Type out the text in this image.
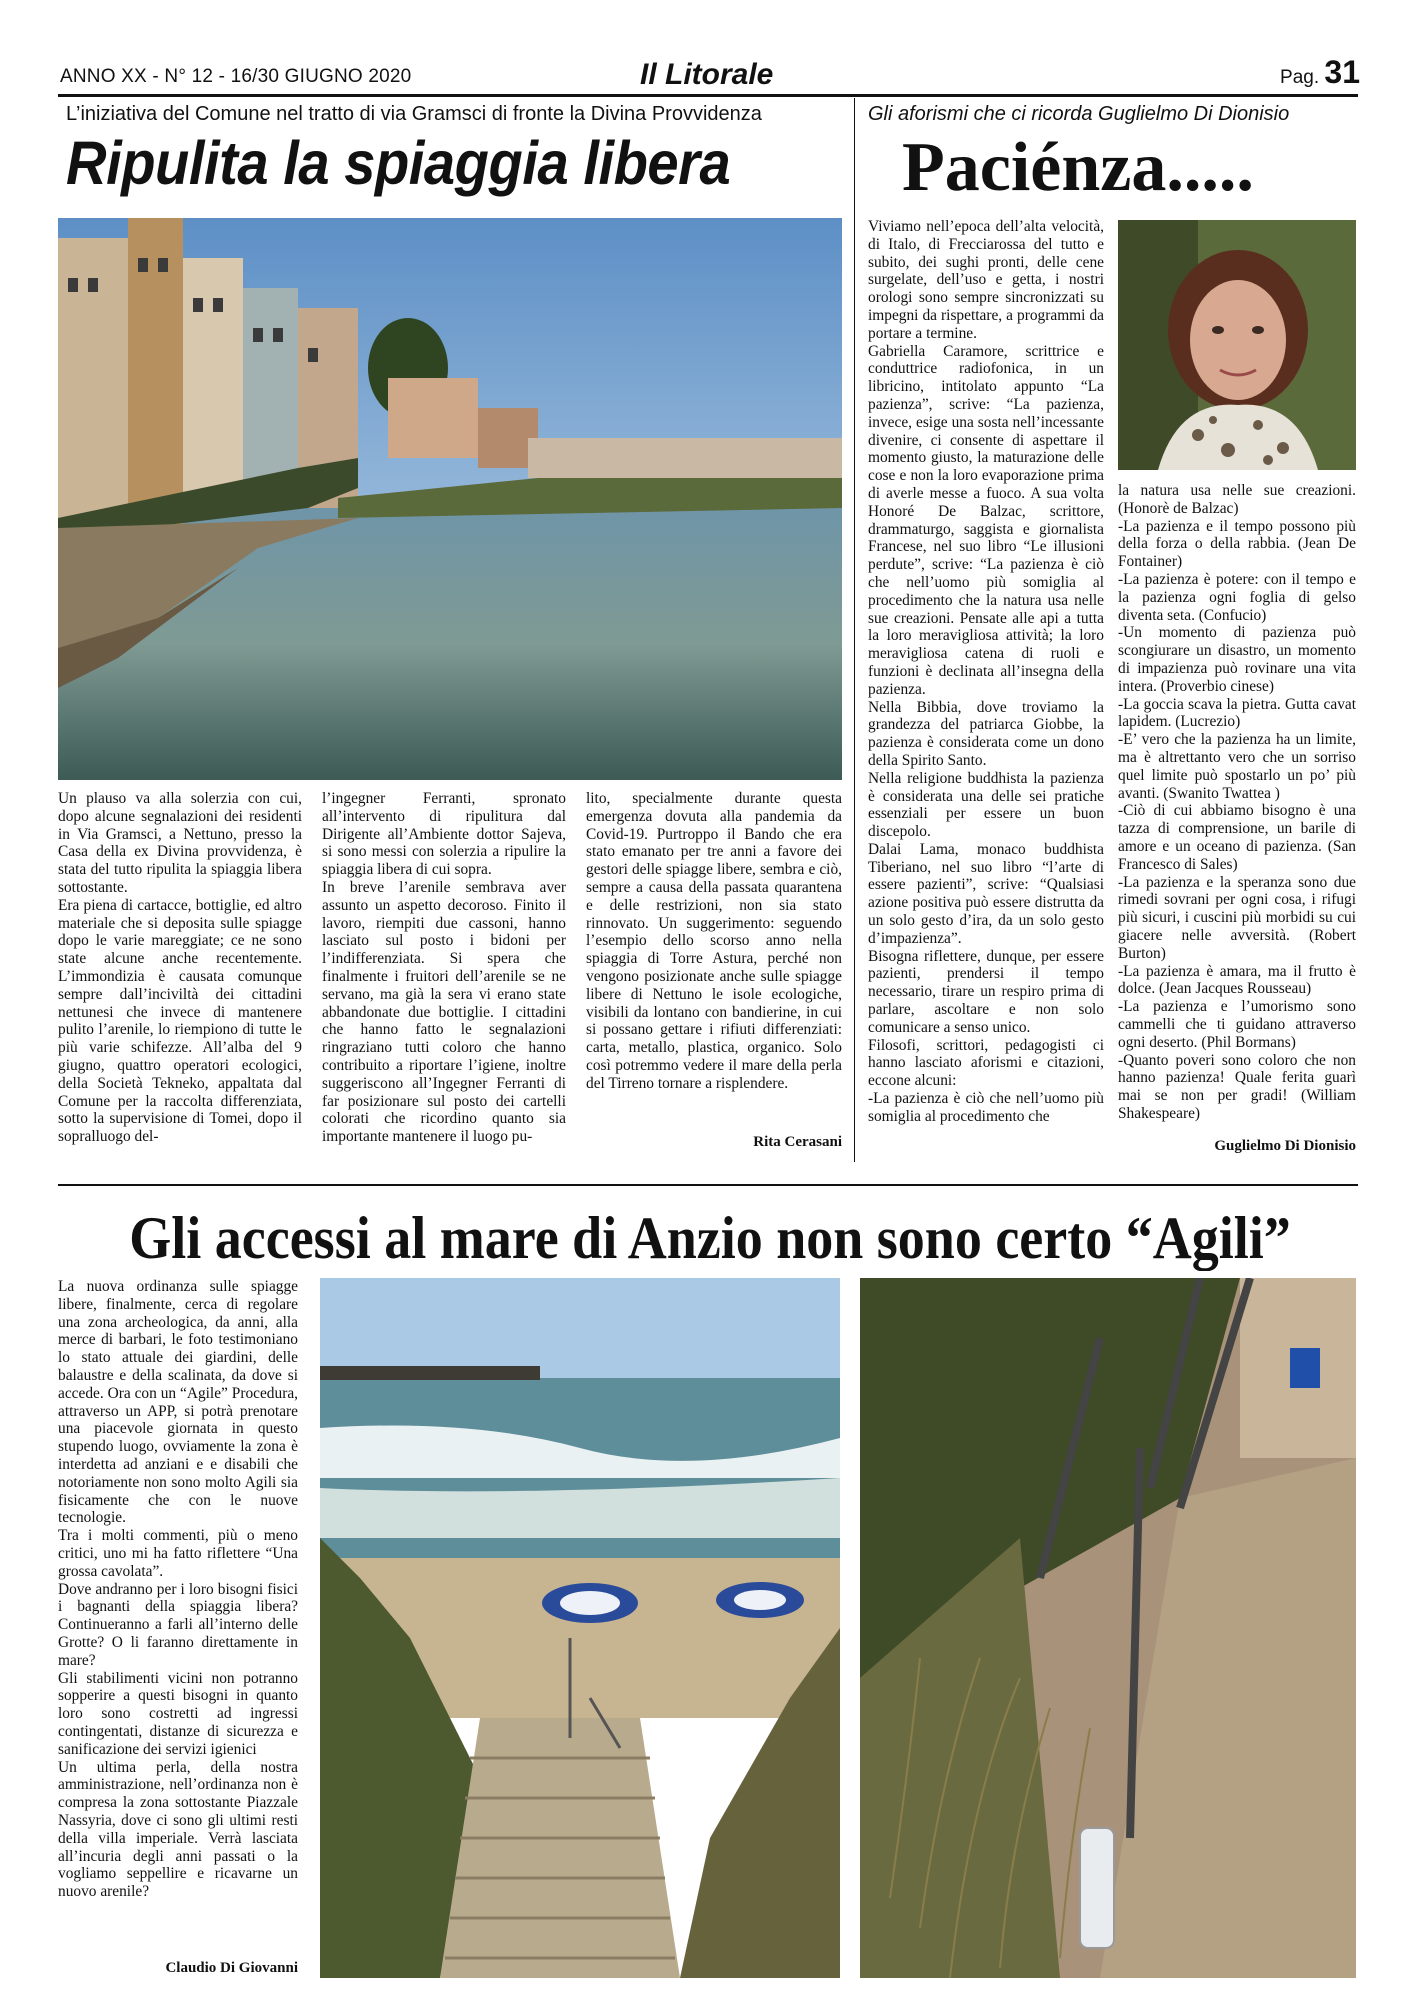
ANNO XX - N° 12 - 16/30 GIUGNO 2020	Il Litorale	Pag. 31
L’iniziativa del Comune nel tratto di via Gramsci di fronte la Divina Provvidenza
Ripulita la spiaggia libera

Un plauso va alla solerzia con cui, dopo alcune segnalazioni dei residenti in Via Gramsci, a Nettuno, presso la Casa della ex Divina provvidenza, è stata del tutto ripulita la spiaggia libera sottostante.

Era piena di cartacce, bottiglie, ed altro materiale che si deposita sulle spiagge dopo le varie mareggiate; ce ne sono state alcune anche recentemente. L’immondizia è causata comunque sempre dall’inciviltà dei cittadini nettunesi che invece di mantenere pulito l’arenile, lo riempiono di tutte le più varie schifezze. All’alba del 9 giugno, quattro operatori ecologici, della Società Tekneko, appaltata dal Comune per la raccolta differenziata, sotto la supervisione di Tomei, dopo il sopralluogo del-

l’ingegner Ferranti, spronato all’intervento di ripulitura dal Dirigente all’Ambiente dottor Sajeva, si sono messi con solerzia a ripulire la spiaggia libera di cui sopra.

In breve l’arenile sembrava aver assunto un aspetto decoroso. Finito il lavoro, riempiti due cassoni, hanno lasciato sul posto i bidoni per l’indifferenziata. Si spera che finalmente i fruitori dell’arenile se ne servano, ma già la sera vi erano state abbandonate due bottiglie. I cittadini che hanno fatto le segnalazioni ringraziano tutti coloro che hanno contribuito a riportare l’igiene, inoltre suggeriscono all’Ingegner Ferranti di far posizionare sul posto dei cartelli colorati che ricordino quanto sia importante mantenere il luogo pu-

lito, specialmente durante questa emergenza dovuta alla pandemia da Covid-19. Purtroppo il Bando che era stato emanato per tre anni a favore dei gestori delle spiagge libere, sembra e ciò, sempre a causa della passata quarantena e delle restrizioni, non sia stato rinnovato. Un suggerimento: seguendo l’esempio dello scorso anno nella spiaggia di Torre Astura, perché non vengono posizionate anche sulle spiagge libere di Nettuno le isole ecologiche, visibili da lontano con bandierine, in cui si possano gettare i rifiuti differenziati: carta, metallo, plastica, organico. Solo così potremmo vedere il mare della perla del Tirreno tornare a risplendere.

Rita Cerasani
Gli aforismi che ci ricorda Guglielmo Di Dionisio
Paciénza.....

Viviamo nell’epoca dell’alta velocità, di Italo, di Frecciarossa del tutto e subito, dei sughi pronti, delle cene surgelate, dell’uso e getta, i nostri orologi sono sempre sincronizzati su impegni da rispettare, a programmi da portare a termine.

Gabriella Caramore, scrittrice e conduttrice radiofonica, in un libricino, intitolato appunto “La pazienza”, scrive: “La pazienza, invece, esige una sosta nell’incessante divenire, ci consente di aspettare il momento giusto, la maturazione delle cose e non la loro evaporazione prima di averle messe a fuoco. A sua volta Honoré De Balzac, scrittore, drammaturgo, saggista e giornalista Francese, nel suo libro “Le illusioni perdute”, scrive: “La pazienza è ciò che nell’uomo più somiglia al procedimento che la natura usa nelle sue creazioni. Pensate alle api a tutta la loro meravigliosa attività; la loro meravigliosa catena di ruoli e funzioni è declinata all’insegna della pazienza.

Nella Bibbia, dove troviamo la grandezza del patriarca Giobbe, la pazienza è considerata come un dono della Spirito Santo.

Nella religione buddhista la pazienza è considerata una delle sei pratiche essenziali per essere un buon discepolo.

Dalai Lama, monaco buddhista Tiberiano, nel suo libro “l’arte di essere pazienti”, scrive: “Qualsiasi azione positiva può essere distrutta da un solo gesto d’ira, da un solo gesto d’impazienza”.

Bisogna riflettere, dunque, per essere pazienti, prendersi il tempo necessario, tirare un respiro prima di parlare, ascoltare e non solo comunicare a senso unico.

Filosofi, scrittori, pedagogisti ci hanno lasciato aforismi e citazioni, eccone alcuni:

-La pazienza è ciò che nell’uomo più somiglia al procedimento che

la natura usa nelle sue creazioni. (Honorè de Balzac)

-La pazienza e il tempo possono più della forza o della rabbia. (Jean De Fontainer)

-La pazienza è potere: con il tempo e la pazienza ogni foglia di gelso diventa seta. (Confucio)

-Un momento di pazienza può scongiurare un disastro, un momento di impazienza può rovinare una vita intera. (Proverbio cinese)

-La goccia scava la pietra. Gutta cavat lapidem. (Lucrezio)

-E’ vero che la pazienza ha un limite, ma è altrettanto vero che un sorriso quel limite può spostarlo un po’ più avanti. (Swanito Twattea )

-Ciò di cui abbiamo bisogno è una tazza di comprensione, un barile di amore e un oceano di pazienza. (San Francesco di Sales)

-La pazienza e la speranza sono due rimedi sovrani per ogni cosa, i rifugi più sicuri, i cuscini più morbidi su cui giacere nelle avversità. (Robert Burton)

-La pazienza è amara, ma il frutto è dolce. (Jean Jacques Rousseau)

-La pazienza e l’umorismo sono cammelli che ti guidano attraverso ogni deserto. (Phil Bormans)

-Quanto poveri sono coloro che non hanno pazienza! Quale ferita guarì mai se non per gradi! (William Shakespeare)

Guglielmo Di Dionisio
Gli accessi al mare di Anzio non sono certo “Agili”

La nuova ordinanza sulle spiagge libere, finalmente, cerca di regolare una zona archeologica, da anni, alla merce di barbari, le foto testimoniano lo stato attuale dei giardini, delle balaustre e della scalinata, da dove si accede. Ora con un “Agile” Procedura, attraverso un APP, si potrà prenotare una piacevole giornata in questo stupendo luogo, ovviamente la zona è interdetta ad anziani e e disabili che notoriamente non sono molto Agili sia fisicamente che con le nuove tecnologie.

Tra i molti commenti, più o meno critici, uno mi ha fatto riflettere “Una grossa cavolata”.

Dove andranno per i loro bisogni fisici i bagnanti della spiaggia libera? Continueranno a farli all’interno delle Grotte? O li faranno direttamente in mare?

Gli stabilimenti vicini non potranno sopperire a questi bisogni in quanto loro sono costretti ad ingressi contingentati, distanze di sicurezza e sanificazione dei servizi igienici

Un ultima perla, della nostra amministrazione, nell’ordinanza non è compresa la zona sottostante Piazzale Nassyria, dove ci sono gli ultimi resti della villa imperiale. Verrà lasciata all’incuria degli anni passati o la vogliamo seppellire e ricavarne un nuovo arenile?

Claudio Di Giovanni
